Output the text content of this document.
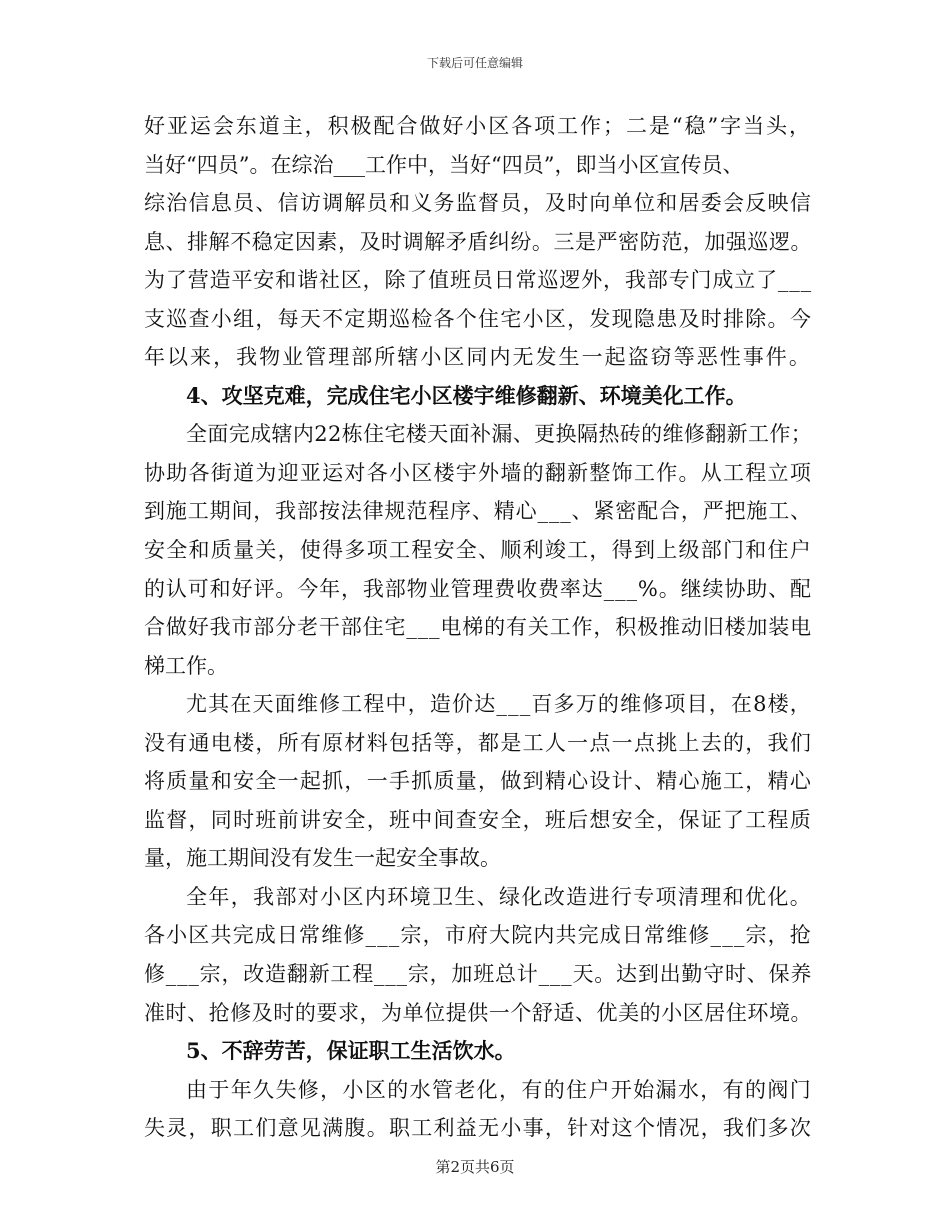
下载后可任意编辑
好亚运会东道主，积极配合做好小区各项工作；二是“稳”字当头，
当好“四员”。在综治___工作中，当好“四员”，即当小区宣传员、
综治信息员、信访调解员和义务监督员，及时向单位和居委会反映信
息、排解不稳定因素，及时调解矛盾纠纷。三是严密防范，加强巡逻。
为了营造平安和谐社区，除了值班员日常巡逻外，我部专门成立了___
支巡查小组，每天不定期巡检各个住宅小区，发现隐患及时排除。今
年以来，我物业管理部所辖小区同内无发生一起盗窃等恶性事件。
4、攻坚克难，完成住宅小区楼宇维修翻新、环境美化工作。
全面完成辖内22栋住宅楼天面补漏、更换隔热砖的维修翻新工作；
协助各街道为迎亚运对各小区楼宇外墙的翻新整饰工作。从工程立项
到施工期间，我部按法律规范程序、精心___、紧密配合，严把施工、
安全和质量关，使得多项工程安全、顺利竣工，得到上级部门和住户
的认可和好评。今年，我部物业管理费收费率达___%。继续协助、配
合做好我市部分老干部住宅___电梯的有关工作，积极推动旧楼加装电
梯工作。
尤其在天面维修工程中，造价达___百多万的维修项目，在8楼，
没有通电楼，所有原材料包括等，都是工人一点一点挑上去的，我们
将质量和安全一起抓，一手抓质量，做到精心设计、精心施工，精心
监督，同时班前讲安全，班中间查安全，班后想安全，保证了工程质
量，施工期间没有发生一起安全事故。
全年，我部对小区内环境卫生、绿化改造进行专项清理和优化。
各小区共完成日常维修___宗，市府大院内共完成日常维修___宗，抢
修___宗，改造翻新工程___宗，加班总计___天。达到出勤守时、保养
准时、抢修及时的要求，为单位提供一个舒适、优美的小区居住环境。
5、不辞劳苦，保证职工生活饮水。
由于年久失修，小区的水管老化，有的住户开始漏水，有的阀门
失灵，职工们意见满腹。职工利益无小事，针对这个情况，我们多次
第2页共6页
